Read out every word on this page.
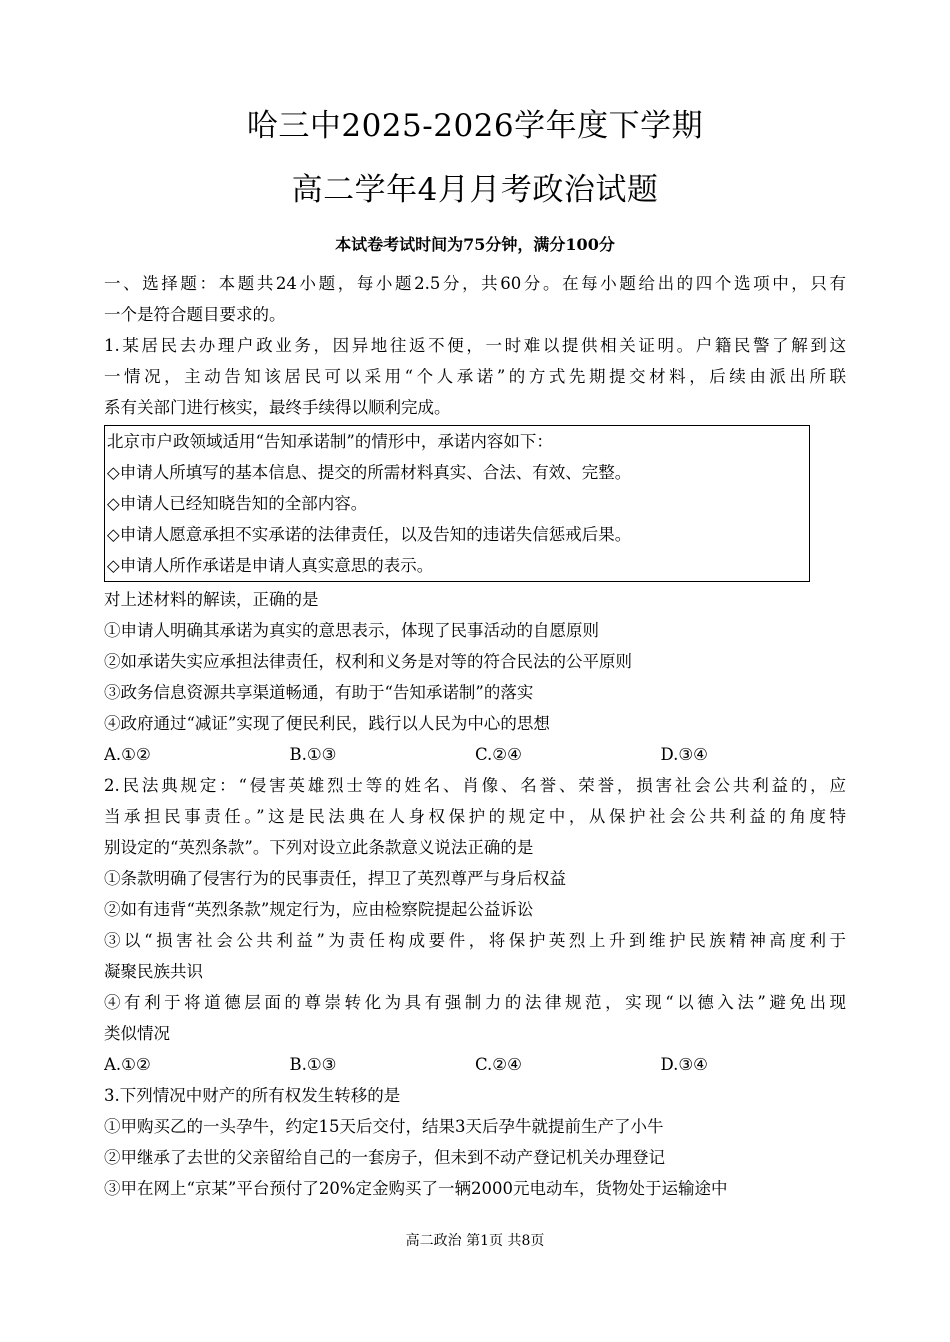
哈三中2025-2026学年度下学期
高二学年4月月考政治试题
本试卷考试时间为75分钟，满分100分
一、选择题：本题共24小题，每小题2.5分，共60分。在每小题给出的四个选项中，只有
一个是符合题目要求的。
1.某居民去办理户政业务，因异地往返不便，一时难以提供相关证明。户籍民警了解到这
一情况，主动告知该居民可以采用“个人承诺”的方式先期提交材料，后续由派出所联
系有关部门进行核实，最终手续得以顺利完成。
北京市户政领域适用“告知承诺制”的情形中，承诺内容如下：
◇申请人所填写的基本信息、提交的所需材料真实、合法、有效、完整。
◇申请人已经知晓告知的全部内容。
◇申请人愿意承担不实承诺的法律责任，以及告知的违诺失信惩戒后果。
◇申请人所作承诺是申请人真实意思的表示。
对上述材料的解读，正确的是
①申请人明确其承诺为真实的意思表示，体现了民事活动的自愿原则
②如承诺失实应承担法律责任，权利和义务是对等的符合民法的公平原则
③政务信息资源共享渠道畅通，有助于“告知承诺制”的落实
④政府通过“减证”实现了便民利民，践行以人民为中心的思想
A.①②	B.①③	C.②④	D.③④
2.民法典规定：“侵害英雄烈士等的姓名、肖像、名誉、荣誉，损害社会公共利益的，应
当承担民事责任。”这是民法典在人身权保护的规定中，从保护社会公共利益的角度特
别设定的“英烈条款”。下列对设立此条款意义说法正确的是
①条款明确了侵害行为的民事责任，捍卫了英烈尊严与身后权益
②如有违背“英烈条款”规定行为，应由检察院提起公益诉讼
③以“损害社会公共利益”为责任构成要件，将保护英烈上升到维护民族精神高度利于
凝聚民族共识
④有利于将道德层面的尊崇转化为具有强制力的法律规范，实现“以德入法”避免出现
类似情况
A.①②	B.①③	C.②④	D.③④
3.下列情况中财产的所有权发生转移的是
①甲购买乙的一头孕牛，约定15天后交付，结果3天后孕牛就提前生产了小牛
②甲继承了去世的父亲留给自己的一套房子，但未到不动产登记机关办理登记
③甲在网上“京某”平台预付了20%定金购买了一辆2000元电动车，货物处于运输途中
高二政治 第1页 共8页
